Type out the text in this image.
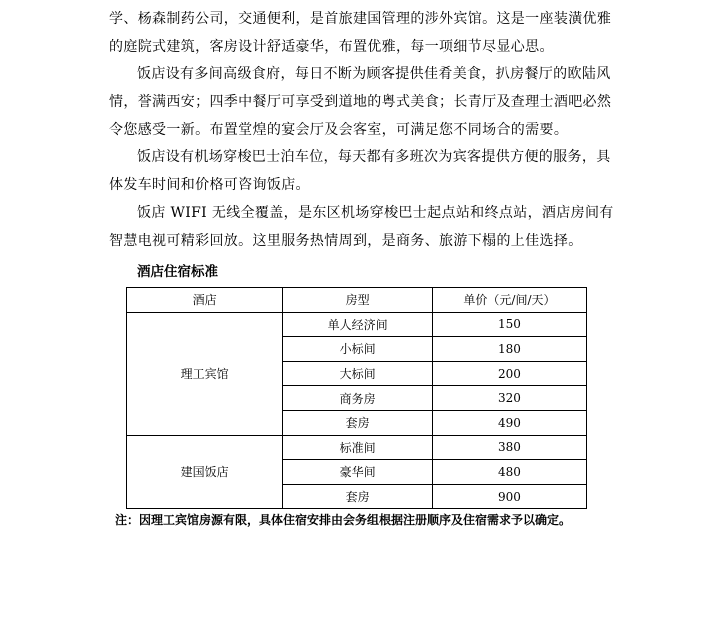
学、杨森制药公司，交通便利，是首旅建国管理的涉外宾馆。这是一座装潢优雅
的庭院式建筑，客房设计舒适豪华，布置优雅，每一项细节尽显心思。
饭店设有多间高级食府，每日不断为顾客提供佳肴美食，扒房餐厅的欧陆风
情，誉满西安；四季中餐厅可享受到道地的粤式美食；长青厅及查理士酒吧必然
令您感受一新。布置堂煌的宴会厅及会客室，可满足您不同场合的需要。
饭店设有机场穿梭巴士泊车位，每天都有多班次为宾客提供方便的服务，具
体发车时间和价格可咨询饭店。
饭店 WIFI 无线全覆盖，是东区机场穿梭巴士起点站和终点站，酒店房间有
智慧电视可精彩回放。这里服务热情周到，是商务、旅游下榻的上佳选择。
酒店住宿标准
酒店	房型	单价（元/间/天）
理工宾馆	单人经济间	150
	小标间	180
	大标间	200
	商务房	320
	套房	490
建国饭店	标准间	380
	豪华间	480
	套房	900
注：因理工宾馆房源有限，具体住宿安排由会务组根据注册顺序及住宿需求予以确定。
